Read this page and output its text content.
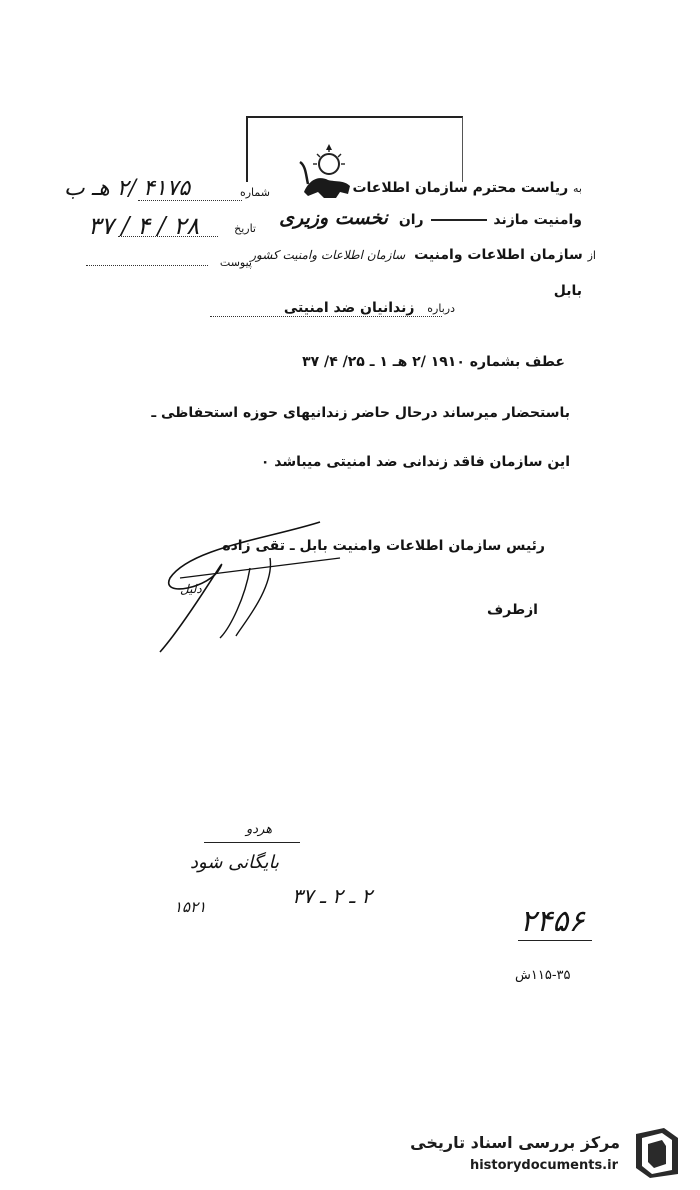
به ریاست محترم سازمان اطلاعات
وامنیت مازند  ران نخست وزیری
از سازمان اطلاعات وامنیت سازمان اطلاعات وامنیت کشور
بابل
درباره زندانیان ضد امنیتی
شماره
۴۱۷۵ /۲ هـ ب
تاریخ
۲۸ / ۴ / ۳۷
پیوست
عطف بشماره ۱۹۱۰ /۲ هـ ۱ ـ ۲۵/ ۴/ ۳۷
باستحضار میرساند درحال حاضر زندانیهای حوزه استحفاظی ـ
این سازمان فاقد زندانی ضد امنیتی میباشد ۰
رئیس سازمان اطلاعات وامنیت بابل ـ تقی زاده
دلیل
ازطرف
هردو
بایگانی شود
۲ ـ ۲ ـ ۳۷
۱۵۲۱	۲۴۵۶
۱۱۵-۳۵ش
مرکز بررسی اسناد تاریخی
historydocuments.ir
